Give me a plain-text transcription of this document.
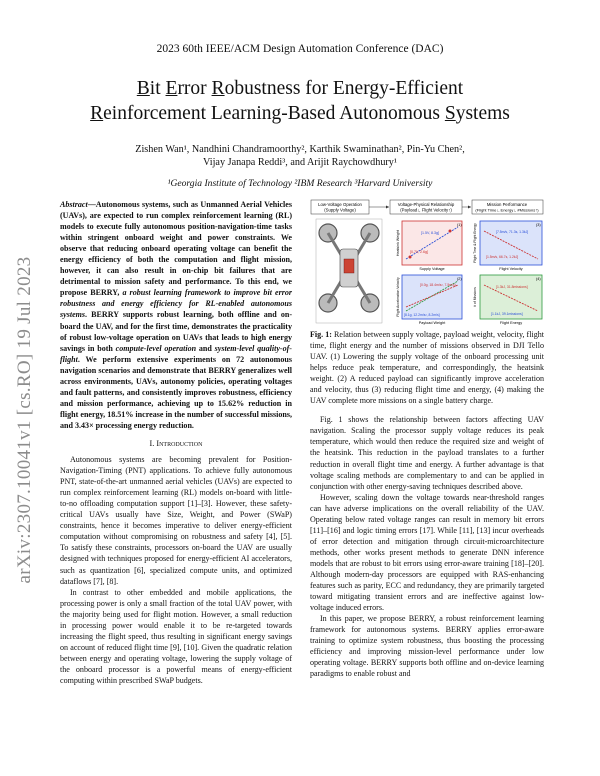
2023 60th IEEE/ACM Design Automation Conference (DAC)
Bit Error Robustness for Energy-Efficient
Reinforcement Learning-Based Autonomous Systems
Zishen Wan¹, Nandhini Chandramoorthy², Karthik Swaminathan², Pin-Yu Chen²,
Vijay Janapa Reddi³, and Arijit Raychowdhury¹
¹Georgia Institute of Technology ²IBM Research ³Harvard University
arXiv:2307.10041v1 [cs.RO] 19 Jul 2023

Abstract—Autonomous systems, such as Unmanned Aerial Vehicles (UAVs), are expected to run complex reinforcement learning (RL) models to execute fully autonomous position-navigation-time tasks within stringent onboard weight and power constraints. We observe that reducing onboard operating voltage can benefit the energy efficiency of both the computation and flight mission, however, it can also result in on-chip bit failures that are detrimental to mission safety and performance. To this end, we propose BERRY, a robust learning framework to improve bit error robustness and energy efficiency for RL-enabled autonomous systems. BERRY supports robust learning, both offline and on-board the UAV, and for the first time, demonstrates the practicality of robust low-voltage operation on UAVs that leads to high energy savings in both compute-level operation and system-level quality-of-flight. We perform extensive experiments on 72 autonomous navigation scenarios and demonstrate that BERRY generalizes well across environments, UAVs, autonomy policies, operating voltages and fault patterns, and consistently improves robustness, efficiency and mission performance, achieving up to 15.62% reduction in flight energy, 18.51% increase in the number of successful missions, and 3.43× processing energy reduction.

I. Introduction

Autonomous systems are becoming prevalent for Position-Navigation-Timing (PNT) applications. To achieve fully autonomous PNT, state-of-the-art unmanned aerial vehicles (UAVs) are expected to run complex reinforcement learning (RL) models on-board with little-to-no offloading computation support [1]–[3]. However, these safety-critical UAVs usually have Size, Weight, and Power (SWaP) constraints, hence it becomes imperative to deliver energy-efficient computation without compromising on robustness and safety [4], [5]. To satisfy these constraints, processors on-board the UAV are usually designed with techniques proposed for energy-efficient AI accelerators, such as quantization [6], specialized compute units, and optimized dataflows [7], [8].

In contrast to other embedded and mobile applications, the processing power is only a small fraction of the total UAV power, with the majority being used for flight motion. However, a small reduction in processing power would enable it to be re-targeted towards increasing the flight speed, thus resulting in significant energy savings on account of reduced flight time [9], [10]. Given the quadratic relation between energy and operating voltage, lowering the supply voltage of the onboard processor is a powerful means of energy-efficient computing within prescribed SWaP budgets.

Low-Voltage Operation
(Supply Voltage)
Voltage-Physical Relationship
(Payload↓, Flight Velocity↑)
Mission Performance
(Flight Time↓, Energy↓, #Missions↑)
[0.7V, 2.6g]
[1.5V, 8.3g]
(1)
Supply Voltage
Heatsink Weight
[0.0g, 18.4m/s², 7.5m/s]
[8.1g, 12.2m/s², 8.2m/s]
(2)
Payload Weight
Flight Acceleration Velocity
[7.5m/s, 71.3s, 1.3kJ]
[1.5m/s, 66.7s, 1.2kJ]
(3)
Flight Velocity
Flight Time & Flight Energy
[1.3kJ, 31.8missions]
[1.1kJ, 39.1missions]
(4)
Flight Energy
# of Missions

Fig. 1: Relation between supply voltage, payload weight, velocity, flight time, flight energy and the number of missions observed in DJI Tello UAV. (1) Lowering the supply voltage of the onboard processing unit helps reduce peak temperature, and correspondingly, the heatsink weight. (2) A reduced payload can significantly improve acceleration and velocity, thus (3) reducing flight time and energy, (4) making the UAV complete more missions on a single battery charge.

Fig. 1 shows the relationship between factors affecting UAV navigation. Scaling the processor supply voltage reduces its peak temperature, which would then reduce the required size and weight of the heatsink. This reduction in the payload translates to a further reduction in overall flight time and energy. A further advantage is that voltage scaling methods are complementary to and can be applied in conjunction with other energy-saving techniques described above.

However, scaling down the voltage towards near-threshold ranges can have adverse implications on the overall reliability of the UAV. Operating below rated voltage ranges can result in memory bit errors [11]–[16] and logic timing errors [17]. While [11], [13] incur overheads of error detection and mitigation through circuit-microarchitecture methods, other works present methods to generate DNN inference models that are robust to bit errors using error-aware training [18]–[20]. Although modern-day processors are equipped with RAS-enhancing features such as parity, ECC and redundancy, they are primarily targeted toward mitigating transient errors and are ineffective against low-voltage induced errors.

In this paper, we propose BERRY, a robust reinforcement learning framework for autonomous systems. BERRY applies error-aware training to optimize system robustness, thus boosting the processing efficiency and improving mission-level performance under low operating voltage. BERRY supports both offline and on-device learning paradigms to enable robust and
